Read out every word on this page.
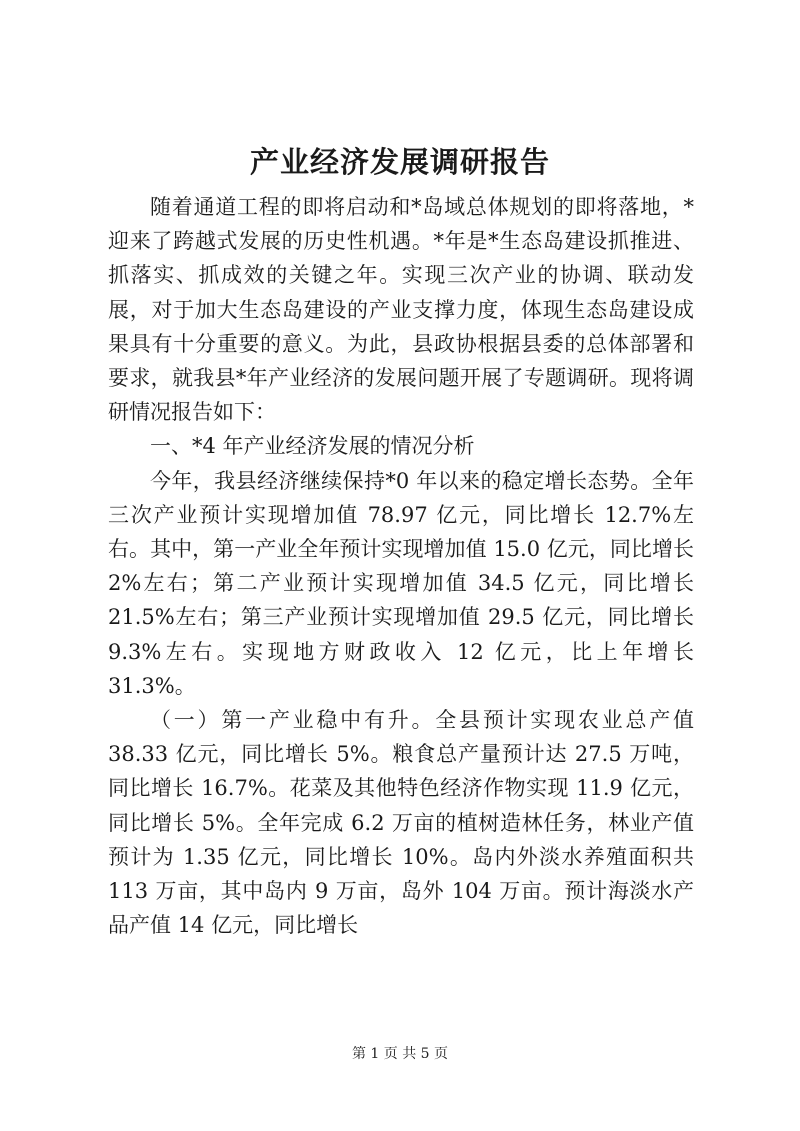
产业经济发展调研报告

随着通道工程的即将启动和*岛域总体规划的即将落地，*迎来了跨越式发展的历史性机遇。*年是*生态岛建设抓推进、抓落实、抓成效的关键之年。实现三次产业的协调、联动发展，对于加大生态岛建设的产业支撑力度，体现生态岛建设成果具有十分重要的意义。为此，县政协根据县委的总体部署和要求，就我县*年产业经济的发展问题开展了专题调研。现将调研情况报告如下：

一、*4 年产业经济发展的情况分析

今年，我县经济继续保持*0 年以来的稳定增长态势。全年三次产业预计实现增加值 78.97 亿元，同比增长 12.7%左右。其中，第一产业全年预计实现增加值 15.0 亿元，同比增长 2%左右；第二产业预计实现增加值 34.5 亿元，同比增长 21.5%左右；第三产业预计实现增加值 29.5 亿元，同比增长 9.3%左右。实现地方财政收入 12 亿元，比上年增长 31.3%。

（一）第一产业稳中有升。全县预计实现农业总产值 38.33 亿元，同比增长 5%。粮食总产量预计达 27.5 万吨，同比增长 16.7%。花菜及其他特色经济作物实现 11.9 亿元，同比增长 5%。全年完成 6.2 万亩的植树造林任务，林业产值预计为 1.35 亿元，同比增长 10%。岛内外淡水养殖面积共 113 万亩，其中岛内 9 万亩，岛外 104 万亩。预计海淡水产品产值 14 亿元，同比增长

第 1 页 共 5 页
